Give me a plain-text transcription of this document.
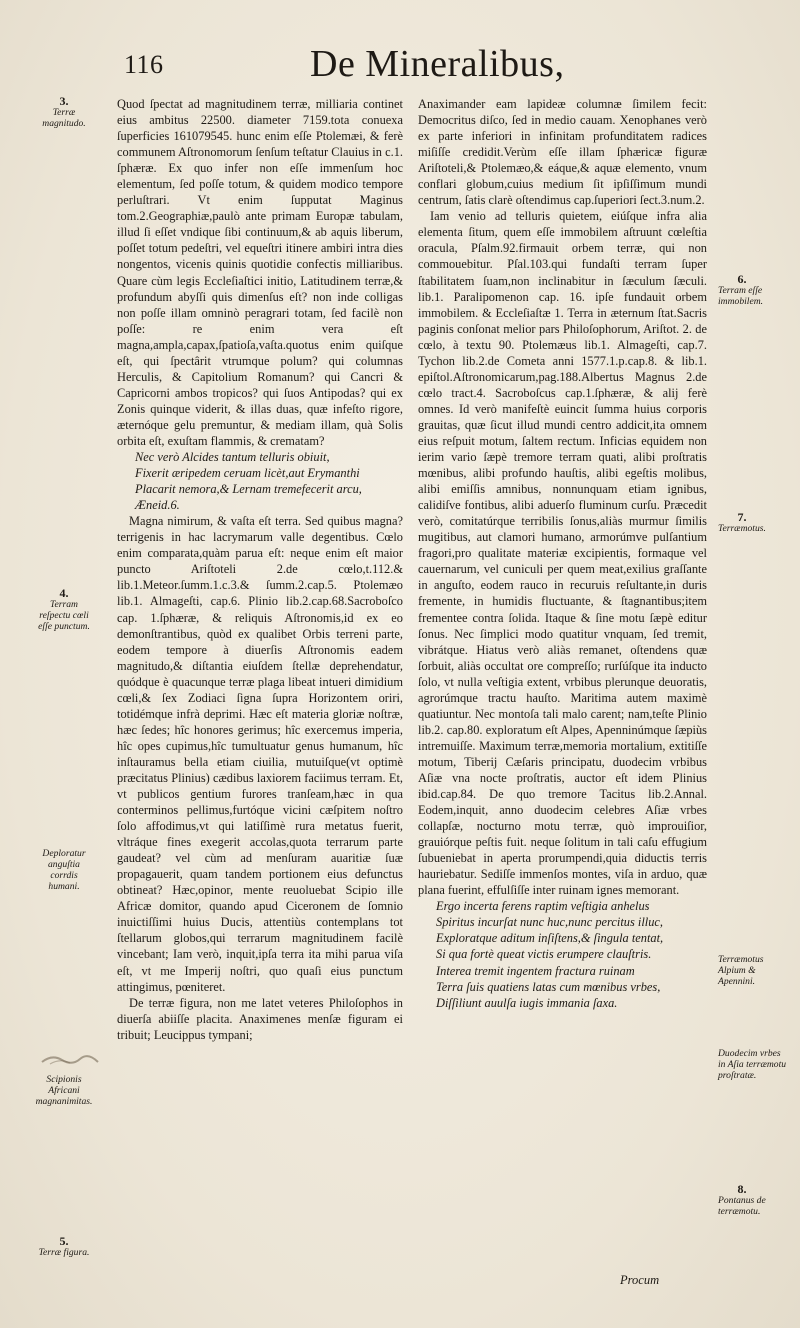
116	De Mineralibus,

Quod ſpectat ad magnitudinem terræ, milliaria continet eius ambitus 22500. diameter 7159.tota conuexa ſuperficies 161079545. hunc enim eſſe Ptolemæi, & ferè communem Aſtronomorum ſenſum teſtatur Clauius in c.1. ſphæræ. Ex quo infer non eſſe immenſum hoc elementum, ſed poſſe totum, & quidem modico tempore perluſtrari. Vt enim ſupputat Maginus tom.2.Geographiæ,paulò ante primam Europæ tabulam, illud ſi eſſet vndique ſibi continuum,& ab aquis liberum, poſſet totum pedeſtri, vel equeſtri itinere ambiri intra dies nongentos, vicenis quinis quotidie confectis milliaribus. Quare cùm legis Eccleſiaſtici initio, Latitudinem terræ,& profundum abyſſi quis dimenſus eſt? non inde colligas non poſſe illam omninò peragrari totam, ſed facilè non poſſe: re enim vera eſt magna,ampla,capax,ſpatioſa,vaſta.quotus enim quiſque eſt, qui ſpectârit vtrumque polum? qui columnas Herculis, & Capitolium Romanum? qui Cancri & Capricorni ambos tropicos? qui ſuos Antipodas? qui ex Zonis quinque viderit, & illas duas, quæ infeſto rigore, æternóque gelu premuntur, & mediam illam, quà Solis orbita eſt, exuſtam flammis, & crematam?

Nec verò Alcides tantum telluris obiuit,

Fixerit æripedem ceruam licèt,aut Erymanthi

Placarit nemora,& Lernam tremefecerit arcu,

Æneid.6.

Magna nimirum, & vaſta eſt terra. Sed quibus magna? terrigenis in hac lacrymarum valle degentibus. Cœlo enim comparata,quàm parua eſt: neque enim eſt maior puncto Ariſtoteli 2.de cœlo,t.112.& lib.1.Meteor.ſumm.1.c.3.& ſumm.2.cap.5. Ptolemæo lib.1. Almageſti, cap.6. Plinio lib.2.cap.68.Sacroboſco cap. 1.ſphæræ, & reliquis Aſtronomis,id ex eo demonſtrantibus, quòd ex qualibet Orbis terreni parte, eodem tempore à diuerſis Aſtronomis eadem magnitudo,& diſtantia eiuſdem ſtellæ deprehendatur, quódque è quacunque terræ plaga libeat intueri dimidium cœli,& ſex Zodiaci ſigna ſupra Horizontem oriri, totidémque infrà deprimi. Hæc eſt materia gloriæ noſtræ, hæc ſedes; hîc honores gerimus; hîc exercemus imperia, hîc opes cupimus,hîc tumultuatur genus humanum, hîc inſtauramus bella etiam ciuilia, mutuiſque(vt optimè præcitatus Plinius) cædibus laxiorem faciimus terram. Et, vt publicos gentium furores tranſeam,hæc in qua conterminos pellimus,furtóque vicini cæſpitem noſtro ſolo affodimus,vt qui latiſſimè rura metatus fuerit, vltráque fines exegerit accolas,quota terrarum parte gaudeat? vel cùm ad menſuram auaritiæ ſuæ propagauerit, quam tandem portionem eius defunctus obtineat? Hæc,opinor, mente reuoluebat Scipio ille Africæ domitor, quando apud Ciceronem de ſomnio inuictiſſimi huius Ducis, attentiùs contemplans tot ſtellarum globos,qui terrarum magnitudinem facilè vincebant; Iam verò, inquit,ipſa terra ita mihi parua viſa eſt, vt me Imperij noſtri, quo quaſi eius punctum attingimus, pœniteret.

De terræ figura, non me latet veteres Philoſophos in diuerſa abiiſſe placita. Anaximenes menſæ figuram ei tribuit; Leucippus tympani;

Anaximander eam lapideæ columnæ ſimilem fecit: Democritus diſco, ſed in medio cauam. Xenophanes verò ex parte inferiori in infinitam profunditatem radices miſiſſe credidit.Verùm eſſe illam ſphæricæ figuræ Ariſtoteli,& Ptolemæo,& eáque,& aquæ elemento, vnum conflari globum,cuius medium ſit ipſiſſimum mundi centrum, ſatis clarè oſtendimus cap.ſuperiori ſect.3.num.2.

Iam venio ad telluris quietem, eiúſque infra alia elementa ſitum, quem eſſe immobilem aſtruunt cœleſtia oracula, Pſalm.92.firmauit orbem terræ, qui non commouebitur. Pſal.103.qui fundaſti terram ſuper ſtabilitatem ſuam,non inclinabitur in ſæculum ſæculi. lib.1. Paralipomenon cap. 16. ipſe fundauit orbem immobilem. & Eccleſiaſtæ 1. Terra in æternum ſtat.Sacris paginis conſonat melior pars Philoſophorum, Ariſtot. 2. de cœlo, à textu 90. Ptolemæus lib.1. Almageſti, cap.7. Tychon lib.2.de Cometa anni 1577.1.p.cap.8. & lib.1. epiſtol.Aſtronomicarum,pag.188.Albertus Magnus 2.de cœlo tract.4. Sacroboſcus cap.1.ſphæræ, & alij ferè omnes. Id verò manifeſtè euincit ſumma huius corporis grauitas, quæ ſicut illud mundi centro addicit,ita omnem eius reſpuit motum, ſaltem rectum. Inficias equidem non ierim vario ſæpè tremore terram quati, alibi proſtratis mœnibus, alibi profundo hauſtis, alibi egeſtis molibus, alibi emiſſis amnibus, nonnunquam etiam ignibus, calidiſve fontibus, alibi aduerſo fluminum curſu. Præcedit verò, comitatúrque terribilis ſonus,aliàs murmur ſimilis mugitibus, aut clamori humano, armorúmve pulſantium fragori,pro qualitate materiæ excipientis, formaque vel cauernarum, vel cuniculi per quem meat,exilius graſſante in anguſto, eodem rauco in recuruis reſultante,in duris fremente, in humidis fluctuante, & ſtagnantibus;item frementee contra ſolida. Itaque & ſine motu ſæpè editur ſonus. Nec ſimplici modo quatitur vnquam, ſed tremit, vibrátque. Hiatus verò aliàs remanet, oſtendens quæ ſorbuit, aliàs occultat ore compreſſo; rurſúſque ita inducto ſolo, vt nulla veſtigia extent, vrbibus plerunque deuoratis, agrorúmque tractu hauſto. Maritima autem maximè quatiuntur. Nec montoſa tali malo carent; nam,teſte Plinio lib.2. cap.80. exploratum eſt Alpes, Apenninúmque ſæpiùs intremuiſſe. Maximum terræ,memoria mortalium, extitiſſe motum, Tiberij Cæſaris principatu, duodecim vrbibus Aſiæ vna nocte proſtratis, auctor eſt idem Plinius ibid.cap.84. De quo tremore Tacitus lib.2.Annal. Eodem,inquit, anno duodecim celebres Aſiæ vrbes collapſæ, nocturno motu terræ, quò improuiſior, grauiórque peſtis fuit. neque ſolitum in tali caſu effugium ſubueniebat in aperta prorumpendi,quia diductis terris hauriebatur. Sediſſe immenſos montes, viſa in arduo, quæ plana fuerint, effulſiſſe inter ruinam ignes memorant.

Ergo incerta ferens raptim veſtigia anhelus

Spiritus incurſat nunc huc,nunc percitus illuc,

Exploratque aditum inſiſtens,& ſingula tentat,

Si qua fortè queat victis erumpere clauſtris.

Interea tremit ingentem fractura ruinam

Terra ſuis quatiens latas cum mœnibus vrbes,

Diſſiliunt auulſa iugis immania ſaxa.

Procum
3.
Terræ magnitudo.
4.
Terram reſpectu cœli eſſe punctum.
Deploratur anguſtia corrdis humani.
Scipionis Africani magnanimitas.
5.
Terræ figura.
6.
Terram eſſe immobilem.
7.
Terræmotus.
Terræmotus Alpium & Apennini.
Duodecim vrbes in Aſia terræmotu proſtratæ.
8.
Pontanus de terræmotu.
